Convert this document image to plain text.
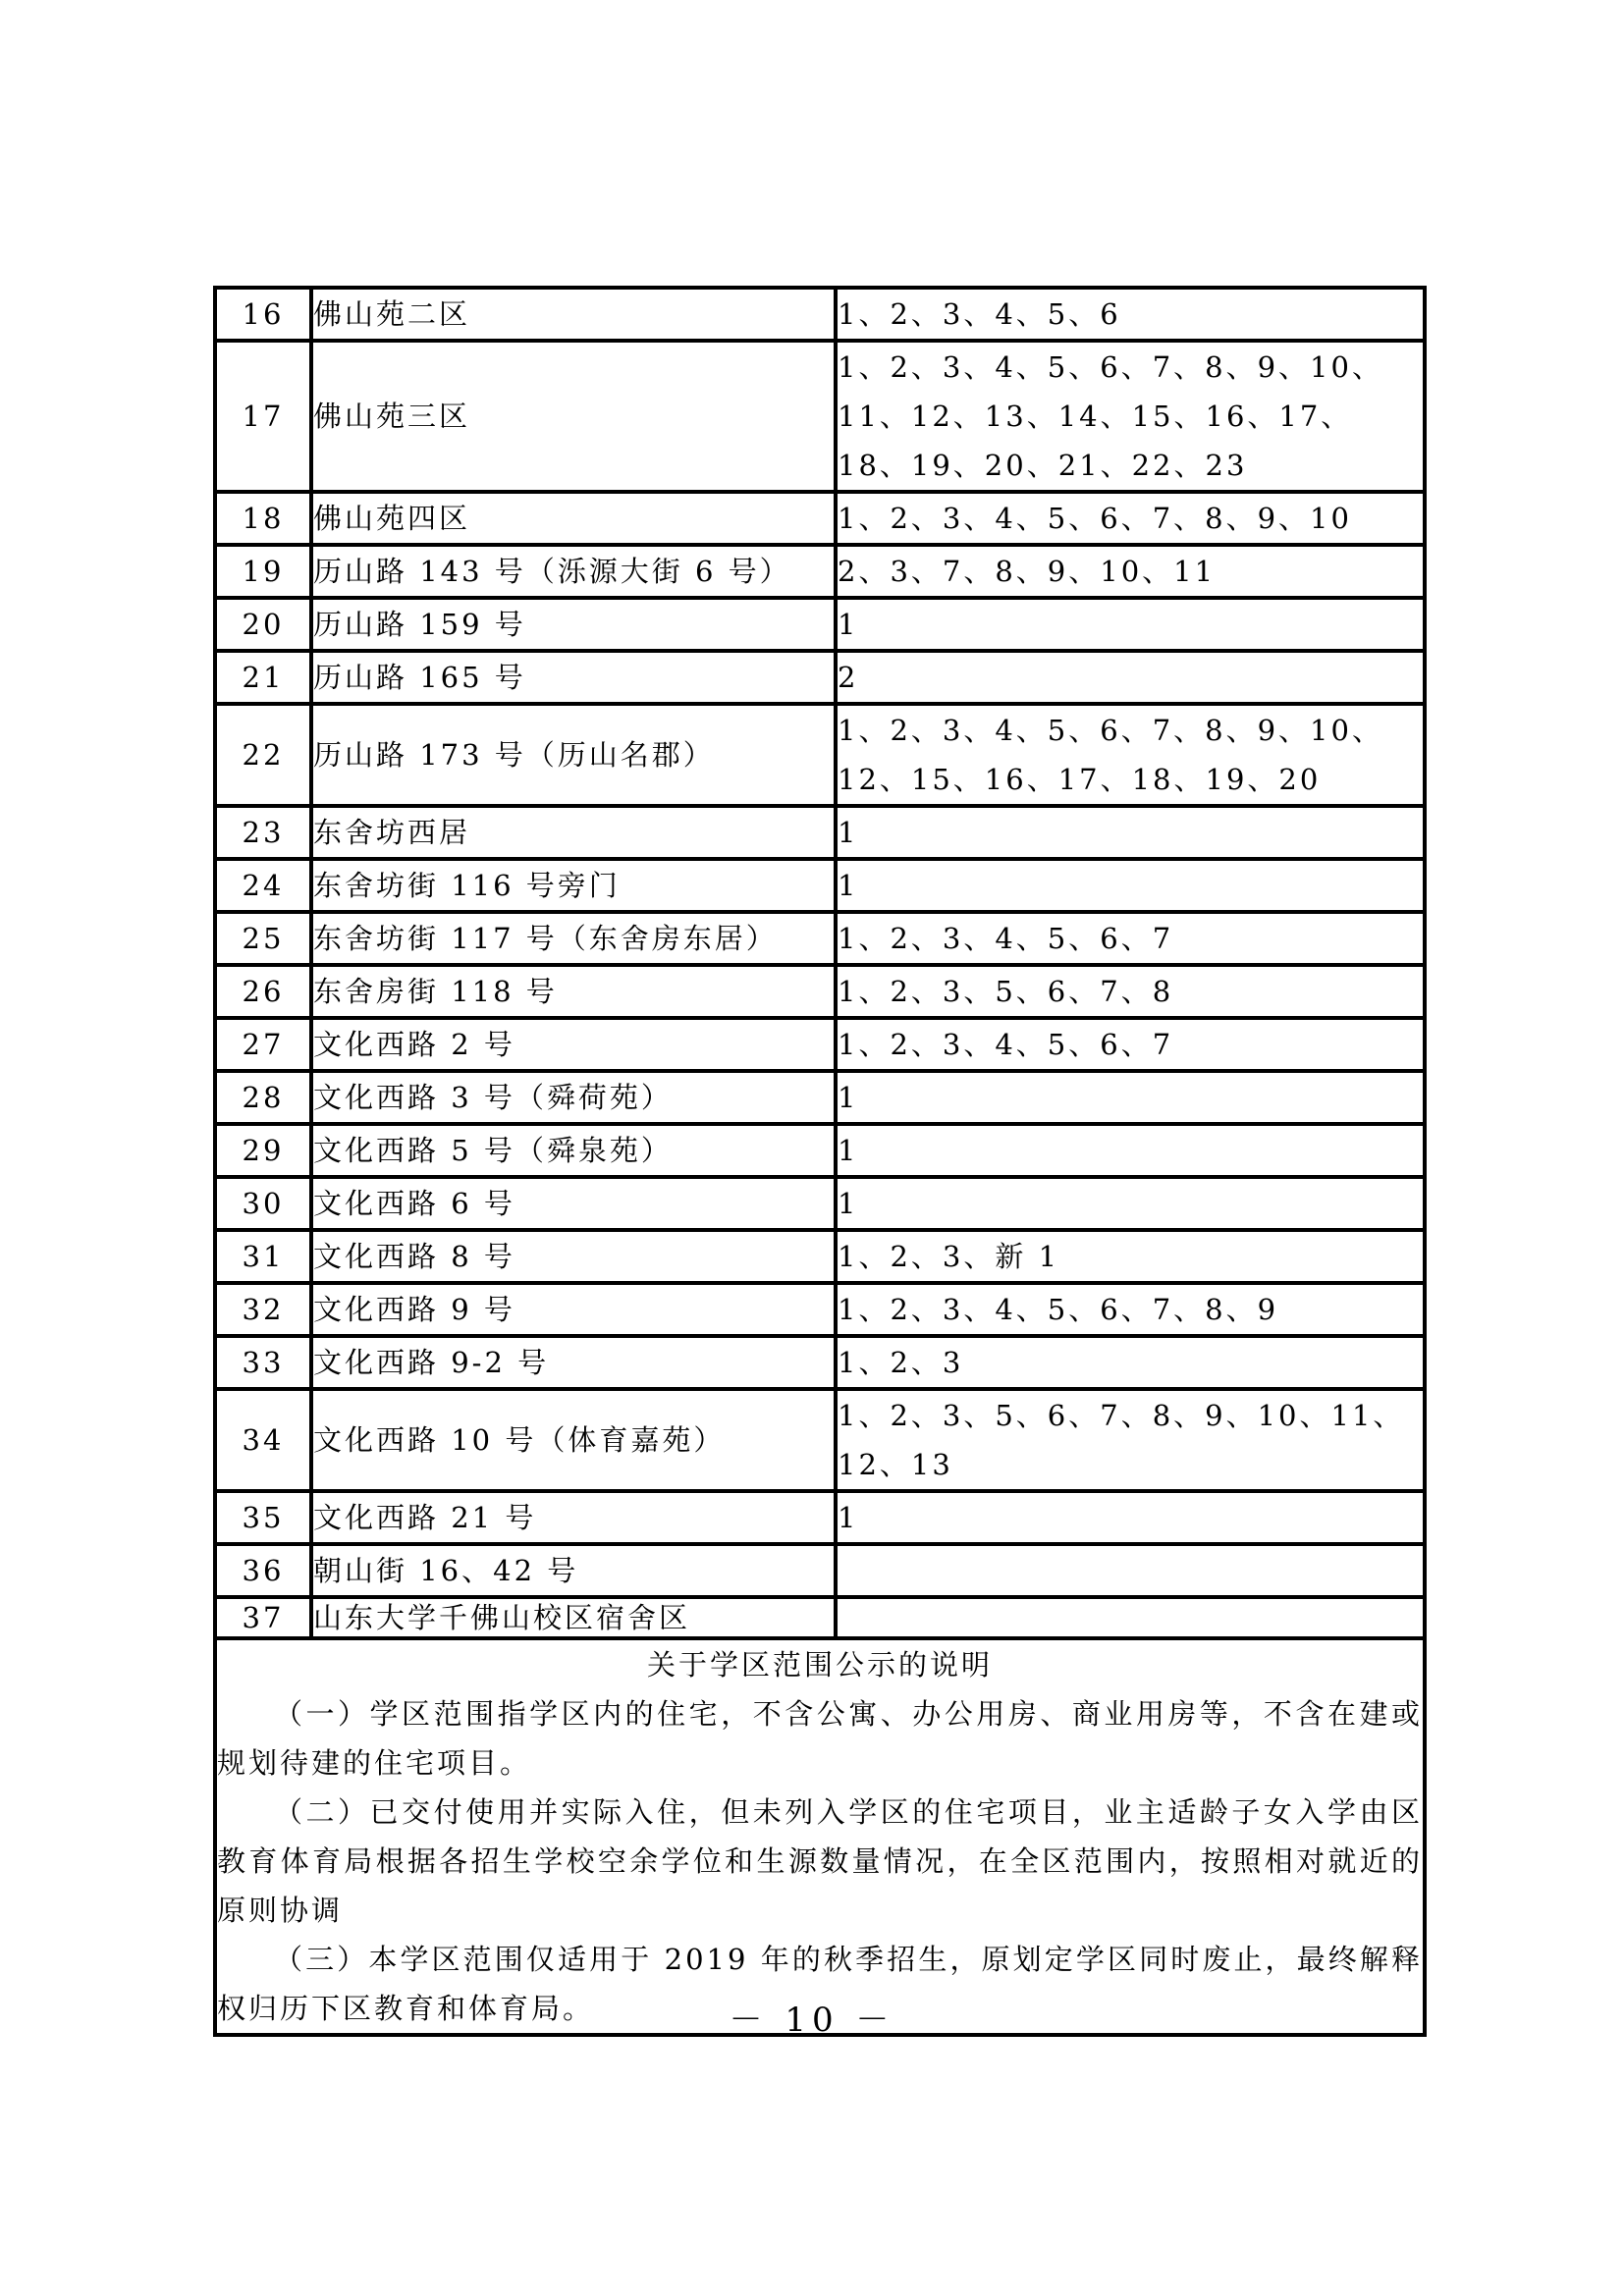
16	佛山苑二区	1、2、3、4、5、6
17	佛山苑三区	1、2、3、4、5、6、7、8、9、10、11、12、13、14、15、16、17、18、19、20、21、22、23
18	佛山苑四区	1、2、3、4、5、6、7、8、9、10
19	历山路 143 号（泺源大街 6 号）	2、3、7、8、9、10、11
20	历山路 159 号	1
21	历山路 165 号	2
22	历山路 173 号（历山名郡）	1、2、3、4、5、6、7、8、9、10、12、15、16、17、18、19、20
23	东舍坊西居	1
24	东舍坊街 116 号旁门	1
25	东舍坊街 117 号（东舍房东居）	1、2、3、4、5、6、7
26	东舍房街 118 号	1、2、3、5、6、7、8
27	文化西路 2 号	1、2、3、4、5、6、7
28	文化西路 3 号（舜荷苑）	1
29	文化西路 5 号（舜泉苑）	1
30	文化西路 6 号	1
31	文化西路 8 号	1、2、3、新 1
32	文化西路 9 号	1、2、3、4、5、6、7、8、9
33	文化西路 9-2 号	1、2、3
34	文化西路 10 号（体育嘉苑）	1、2、3、5、6、7、8、9、10、11、12、13
35	文化西路 21 号	1
36	朝山街 16、42 号	
37	山东大学千佛山校区宿舍区	

关于学区范围公示的说明
（一）学区范围指学区内的住宅，不含公寓、办公用房、商业用房等，不含在建或规划待建的住宅项目。
（二）已交付使用并实际入住，但未列入学区的住宅项目，业主适龄子女入学由区教育体育局根据各招生学校空余学位和生源数量情况，在全区范围内，按照相对就近的原则协调
（三）本学区范围仅适用于 2019 年的秋季招生，原划定学区同时废止，最终解释权归历下区教育和体育局。			－ 10 －
